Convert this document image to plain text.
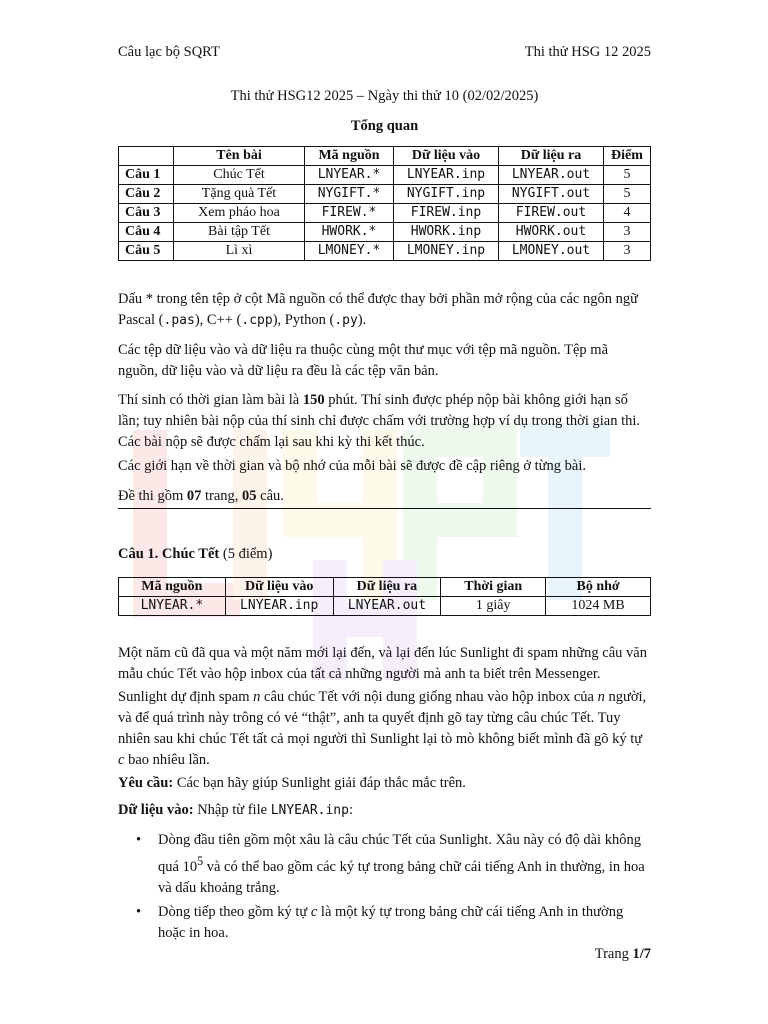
Câu lạc bộ SQRT	Thi thử HSG 12 2025
Thi thử HSG12 2025 – Ngày thi thử 10 (02/02/2025)
Tổng quan
	Tên bài	Mã nguồn	Dữ liệu vào	Dữ liệu ra	Điểm
Câu 1	Chúc Tết	LNYEAR.*	LNYEAR.inp	LNYEAR.out	5
Câu 2	Tặng quà Tết	NYGIFT.*	NYGIFT.inp	NYGIFT.out	5
Câu 3	Xem pháo hoa	FIREW.*	FIREW.inp	FIREW.out	4
Câu 4	Bài tập Tết	HWORK.*	HWORK.inp	HWORK.out	3
Câu 5	Lì xì	LMONEY.*	LMONEY.inp	LMONEY.out	3
Dấu * trong tên tệp ở cột Mã nguồn có thể được thay bởi phần mở rộng của các ngôn ngữ Pascal (.pas), C++ (.cpp), Python (.py).
Các tệp dữ liệu vào và dữ liệu ra thuộc cùng một thư mục với tệp mã nguồn. Tệp mã nguồn, dữ liệu vào và dữ liệu ra đều là các tệp văn bản.
Thí sinh có thời gian làm bài là 150 phút. Thí sinh được phép nộp bài không giới hạn số lần; tuy nhiên bài nộp của thí sinh chỉ được chấm với trường hợp ví dụ trong thời gian thi. Các bài nộp sẽ được chấm lại sau khi kỳ thi kết thúc.
Các giới hạn về thời gian và bộ nhớ của mỗi bài sẽ được đề cập riêng ở từng bài.
Đề thi gồm 07 trang, 05 câu.
Câu 1. Chúc Tết (5 điểm)
Mã nguồn	Dữ liệu vào	Dữ liệu ra	Thời gian	Bộ nhớ
LNYEAR.*	LNYEAR.inp	LNYEAR.out	1 giây	1024 MB
Một năm cũ đã qua và một năm mới lại đến, và lại đến lúc Sunlight đi spam những câu văn mẫu chúc Tết vào hộp inbox của tất cả những người mà anh ta biết trên Messenger.
Sunlight dự định spam n câu chúc Tết với nội dung giống nhau vào hộp inbox của n người, và để quá trình này trông có vẻ “thật”, anh ta quyết định gõ tay từng câu chúc Tết. Tuy nhiên sau khi chúc Tết tất cả mọi người thì Sunlight lại tò mò không biết mình đã gõ ký tự c bao nhiêu lần.
Yêu cầu: Các bạn hãy giúp Sunlight giải đáp thắc mắc trên.
Dữ liệu vào: Nhập từ file LNYEAR.inp:
• Dòng đầu tiên gồm một xâu là câu chúc Tết của Sunlight. Xâu này có độ dài không quá $10^5$ và có thể bao gồm các ký tự trong bảng chữ cái tiếng Anh in thường, in hoa và dấu khoảng trắng.
• Dòng tiếp theo gồm ký tự c là một ký tự trong bảng chữ cái tiếng Anh in thường hoặc in hoa.
Trang 1/7
